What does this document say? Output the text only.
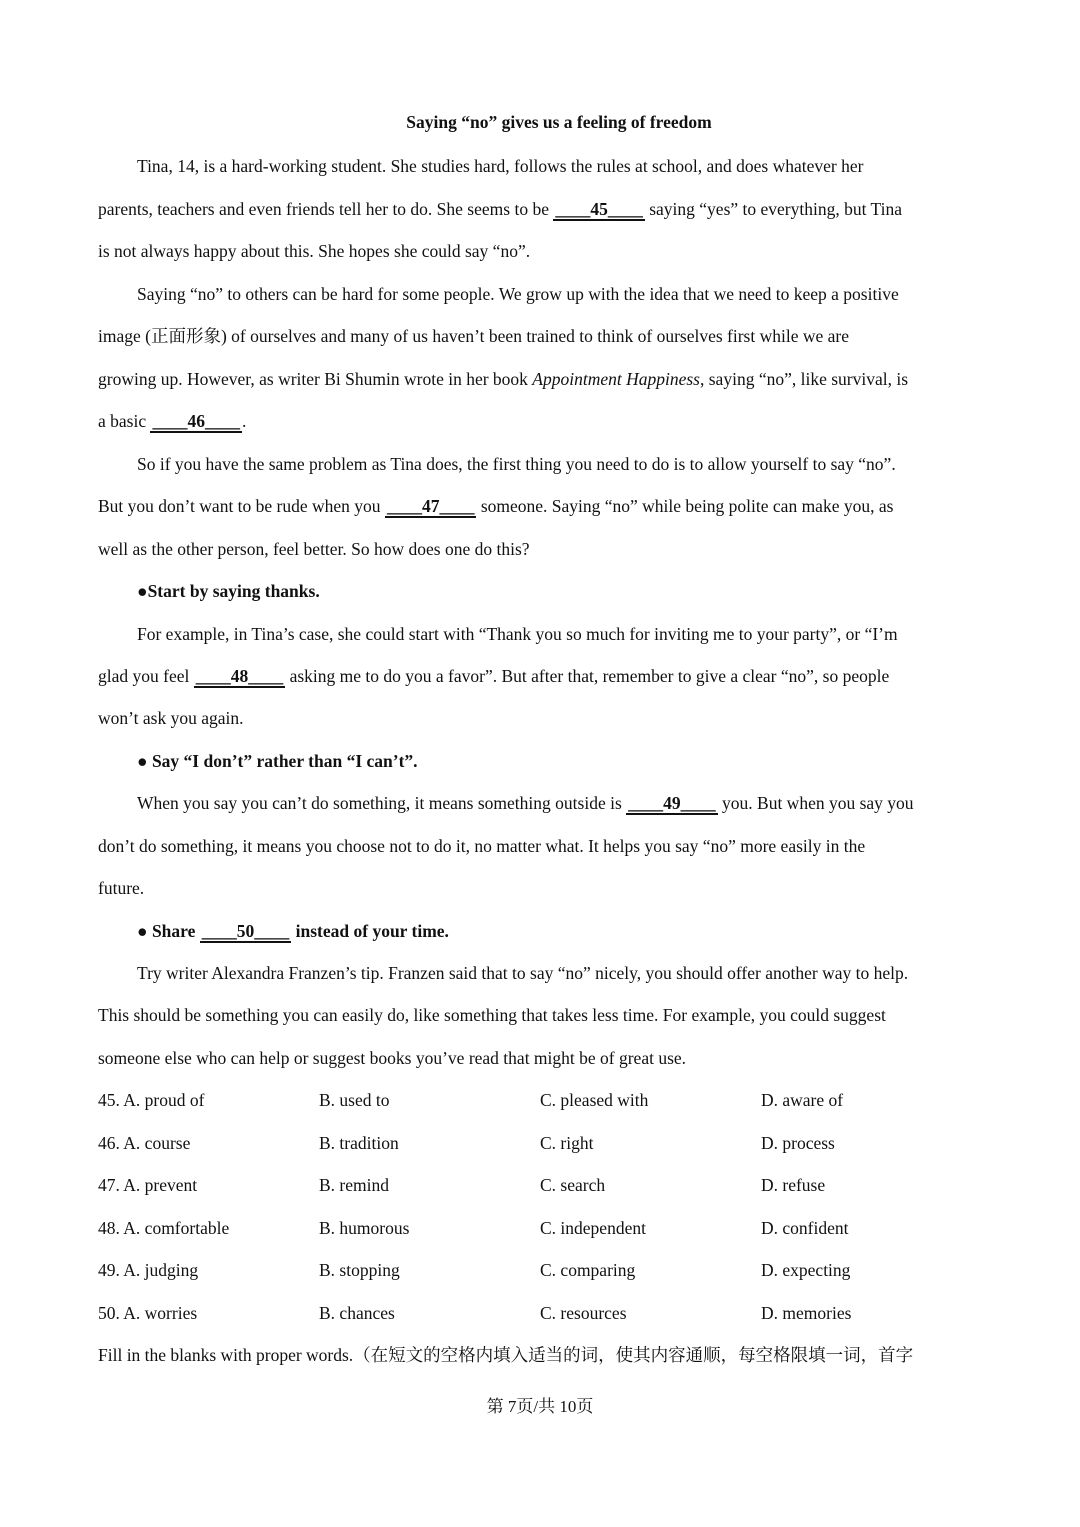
Saying “no” gives us a feeling of freedom
Tina, 14, is a hard-working student. She studies hard, follows the rules at school, and does whatever her
parents, teachers and even friends tell her to do. She seems to be ____45____ saying “yes” to everything, but Tina
is not always happy about this. She hopes she could say “no”.
Saying “no” to others can be hard for some people. We grow up with the idea that we need to keep a positive
image (正面形象) of ourselves and many of us haven’t been trained to think of ourselves first while we are
growing up. However, as writer Bi Shumin wrote in her book Appointment Happiness, saying “no”, like survival, is
a basic ____46____ .
So if you have the same problem as Tina does, the first thing you need to do is to allow yourself to say “no”.
But you don’t want to be rude when you ____47____ someone. Saying “no” while being polite can make you, as
well as the other person, feel better. So how does one do this?
●Start by saying thanks.
For example, in Tina’s case, she could start with “Thank you so much for inviting me to your party”, or “I’m
glad you feel ____48____ asking me to do you a favor”. But after that, remember to give a clear “no”, so people
won’t ask you again.
● Say “I don’t” rather than “I can’t”.
When you say you can’t do something, it means something outside is ____49____ you. But when you say you
don’t do something, it means you choose not to do it, no matter what. It helps you say “no” more easily in the
future.
● Share ____50____ instead of your time.
Try writer Alexandra Franzen’s tip. Franzen said that to say “no” nicely, you should offer another way to help.
This should be something you can easily do, like something that takes less time. For example, you could suggest
someone else who can help or suggest books you’ve read that might be of great use.
45. A. proud of	B. used to	C. pleased with	D. aware of
46. A. course	B. tradition	C. right	D. process
47. A. prevent	B. remind	C. search	D. refuse
48. A. comfortable	B. humorous	C. independent	D. confident
49. A. judging	B. stopping	C. comparing	D. expecting
50. A. worries	B. chances	C. resources	D. memories
Fill in the blanks with proper words.（在短文的空格内填入适当的词，使其内容通顺，每空格限填一词，首字
第 7页/共 10页
